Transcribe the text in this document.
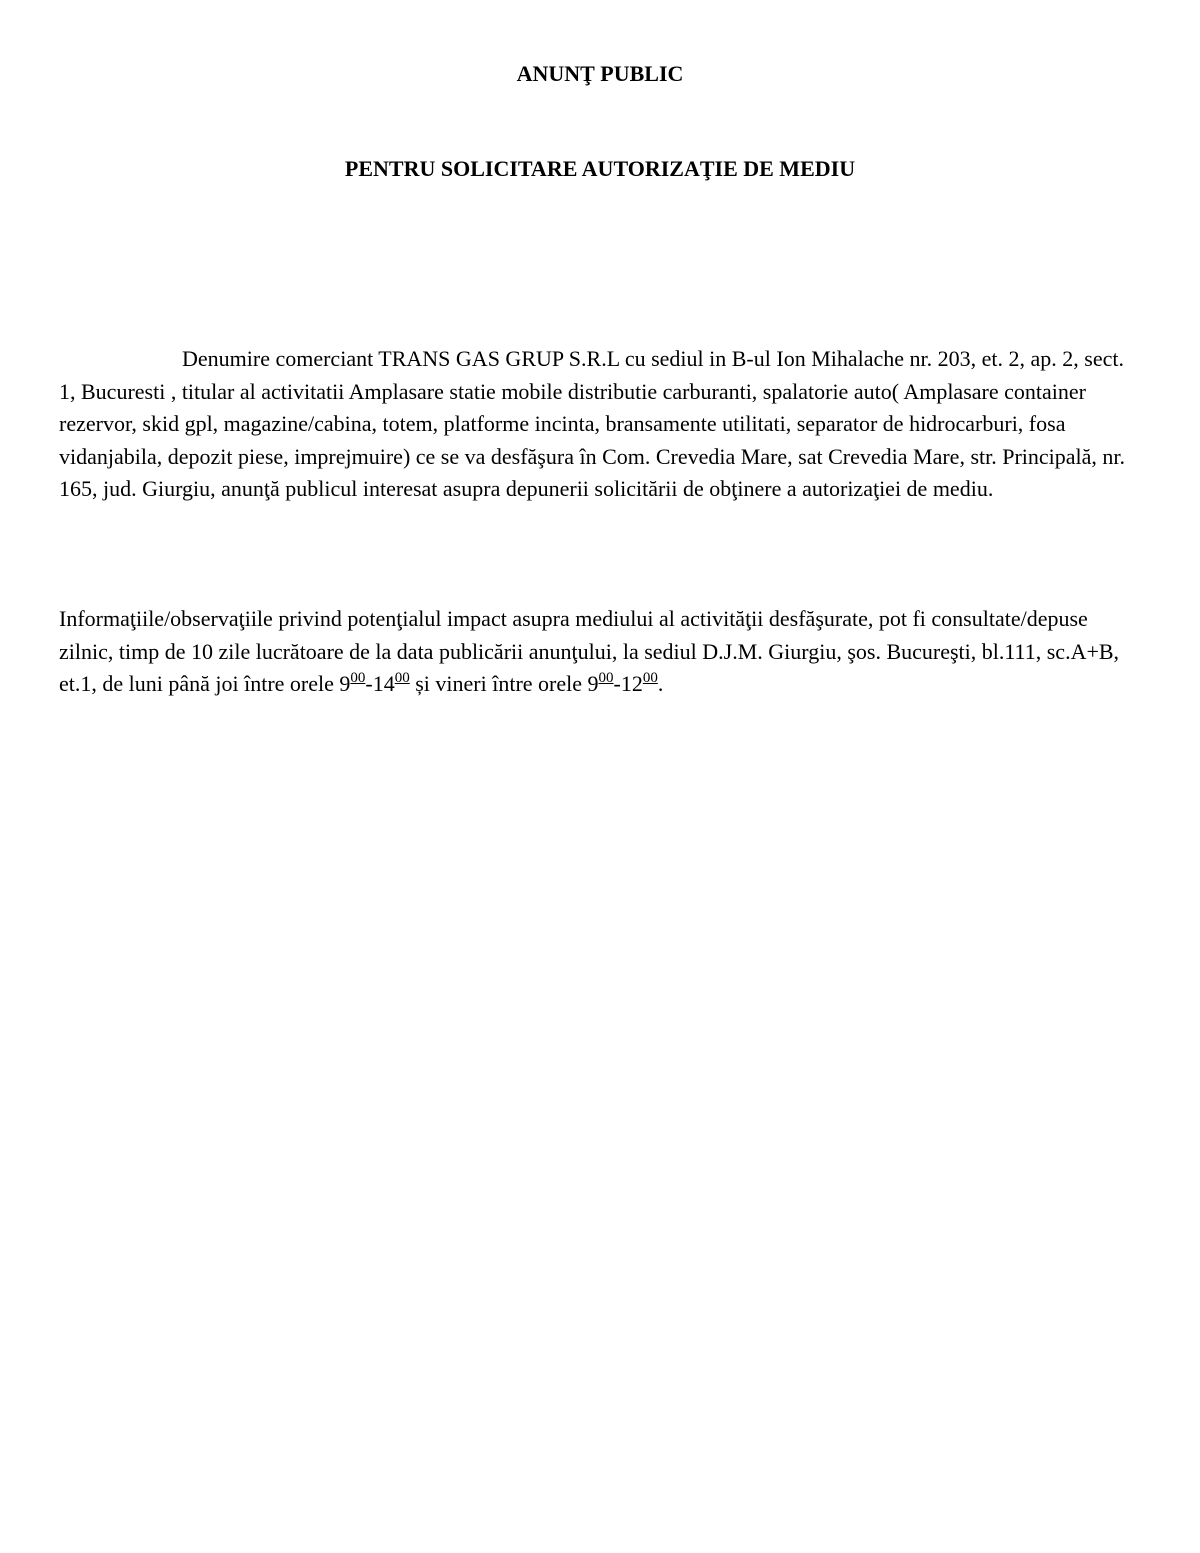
ANUNŢ PUBLIC
PENTRU SOLICITARE AUTORIZAŢIE DE MEDIU

Denumire comerciant TRANS GAS GRUP S.R.L cu sediul in B-ul Ion Mihalache nr. 203, et. 2, ap. 2, sect. 1, Bucuresti , titular al activitatii Amplasare statie mobile distributie carburanti, spalatorie auto( Amplasare container rezervor, skid gpl, magazine/cabina, totem, platforme incinta, bransamente utilitati, separator de hidrocarburi, fosa vidanjabila, depozit piese, imprejmuire) ce se va desfăşura în Com. Crevedia Mare, sat Crevedia Mare, str. Principală, nr. 165, jud. Giurgiu, anunţă publicul interesat asupra depunerii solicitării de obţinere a autorizaţiei de mediu.

Informaţiile/observaţiile privind potenţialul impact asupra mediului al activităţii desfăşurate, pot fi consultate/depuse zilnic, timp de 10 zile lucrătoare de la data publicării anunţului, la sediul D.J.M. Giurgiu, şos. Bucureşti, bl.111, sc.A+B, et.1, de luni până joi între orele $9^{00}-14^{00}$ și vineri între orele $9^{00}-12^{00}$.
